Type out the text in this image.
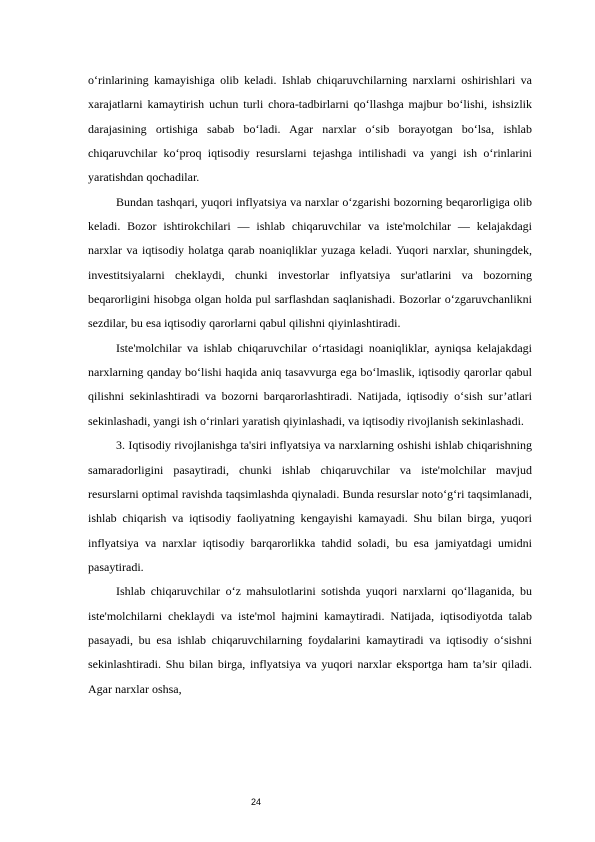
o‘rinlarining kamayishiga olib keladi. Ishlab chiqaruvchilarning narxlarni oshirishlari va xarajatlarni kamaytirish uchun turli chora-tadbirlarni qo‘llashga majbur bo‘lishi, ishsizlik darajasining ortishiga sabab bo‘ladi. Agar narxlar o‘sib borayotgan bo‘lsa, ishlab chiqaruvchilar ko‘proq iqtisodiy resurslarni tejashga intilishadi va yangi ish o‘rinlarini yaratishdan qochadilar.

Bundan tashqari, yuqori inflyatsiya va narxlar o‘zgarishi bozorning beqarorligiga olib keladi. Bozor ishtirokchilari — ishlab chiqaruvchilar va iste'molchilar — kelajakdagi narxlar va iqtisodiy holatga qarab noaniqliklar yuzaga keladi. Yuqori narxlar, shuningdek, investitsiyalarni cheklaydi, chunki investorlar inflyatsiya sur'atlarini va bozorning beqarorligini hisobga olgan holda pul sarflashdan saqlanishadi. Bozorlar o‘zgaruvchanlikni sezdilar, bu esa iqtisodiy qarorlarni qabul qilishni qiyinlashtiradi.

Iste'molchilar va ishlab chiqaruvchilar o‘rtasidagi noaniqliklar, ayniqsa kelajakdagi narxlarning qanday bo‘lishi haqida aniq tasavvurga ega bo‘lmaslik, iqtisodiy qarorlar qabul qilishni sekinlashtiradi va bozorni barqarorlashtiradi. Natijada, iqtisodiy o‘sish sur’atlari sekinlashadi, yangi ish o‘rinlari yaratish qiyinlashadi, va iqtisodiy rivojlanish sekinlashadi.

3. Iqtisodiy rivojlanishga ta'siri inflyatsiya va narxlarning oshishi ishlab chiqarishning samaradorligini pasaytiradi, chunki ishlab chiqaruvchilar va iste'molchilar mavjud resurslarni optimal ravishda taqsimlashda qiynaladi. Bunda resurslar noto‘g‘ri taqsimlanadi, ishlab chiqarish va iqtisodiy faoliyatning kengayishi kamayadi. Shu bilan birga, yuqori inflyatsiya va narxlar iqtisodiy barqarorlikka tahdid soladi, bu esa jamiyatdagi umidni pasaytiradi.

Ishlab chiqaruvchilar o‘z mahsulotlarini sotishda yuqori narxlarni qo‘llaganida, bu iste'molchilarni cheklaydi va iste'mol hajmini kamaytiradi. Natijada, iqtisodiyotda talab pasayadi, bu esa ishlab chiqaruvchilarning foydalarini kamaytiradi va iqtisodiy o‘sishni sekinlashtiradi. Shu bilan birga, inflyatsiya va yuqori narxlar eksportga ham ta’sir qiladi. Agar narxlar oshsa,

24
